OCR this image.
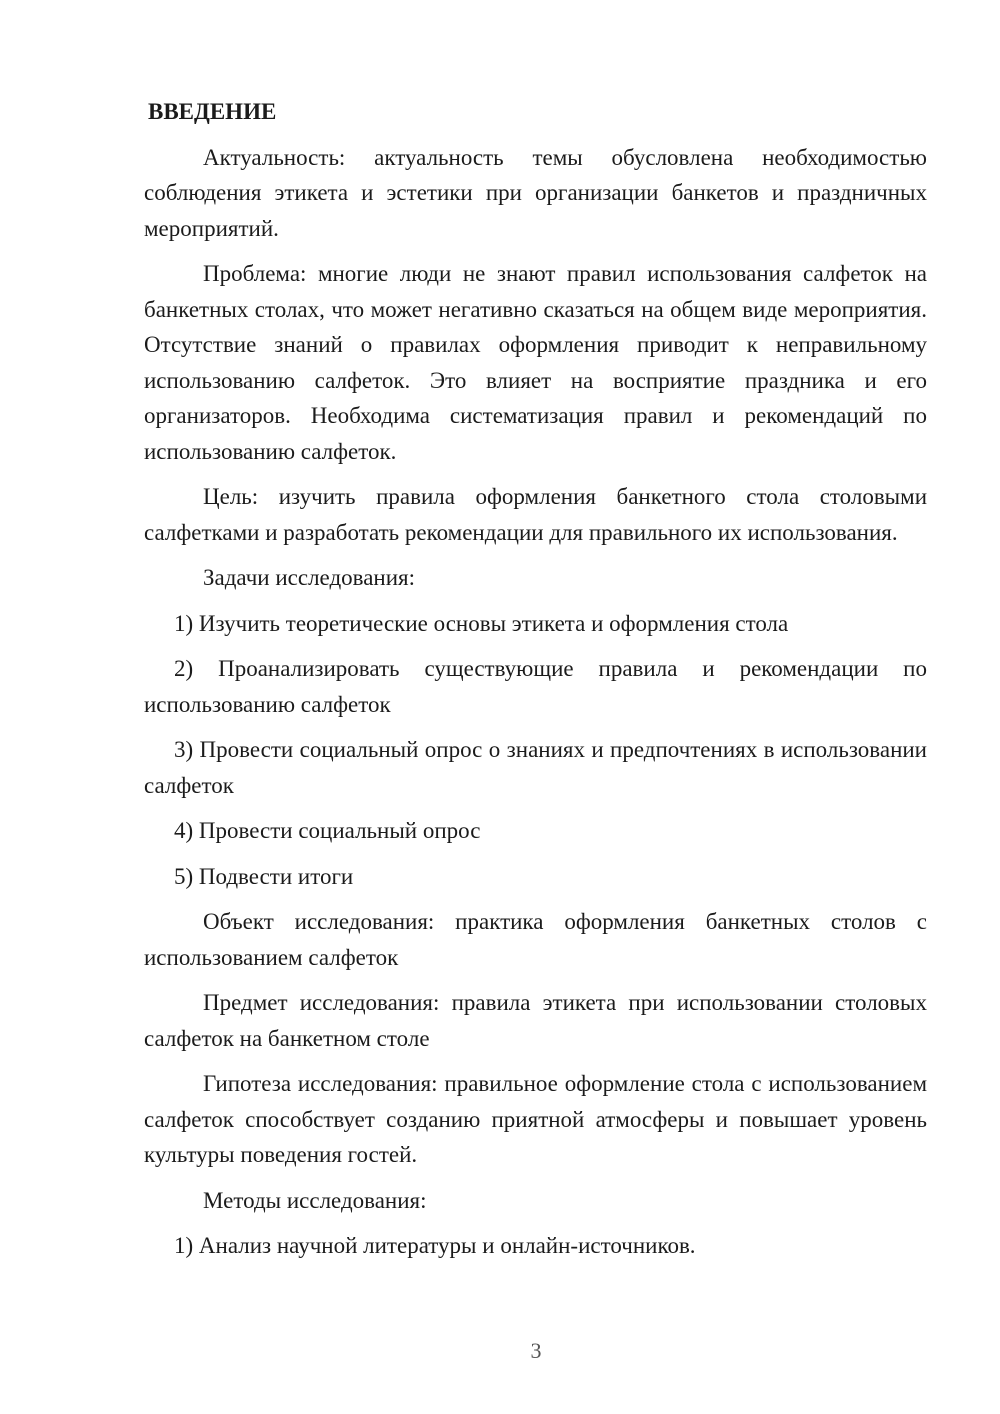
ВВЕДЕНИЕ

Актуальность: актуальность темы обусловлена необходимостью соблюдения этикета и эстетики при организации банкетов и праздничных мероприятий.

Проблема: многие люди не знают правил использования салфеток на банкетных столах, что может негативно сказаться на общем виде мероприятия. Отсутствие знаний о правилах оформления приводит к неправильному использованию салфеток. Это влияет на восприятие праздника и его организаторов. Необходима систематизация правил и рекомендаций по использованию салфеток.

Цель: изучить правила оформления банкетного стола столовыми салфетками и разработать рекомендации для правильного их использования.

Задачи исследования:

1) Изучить теоретические основы этикета и оформления стола

2) Проанализировать существующие правила и рекомендации по использованию салфеток

3) Провести социальный опрос о знаниях и предпочтениях в использовании салфеток

4) Провести социальный опрос

5) Подвести итоги

Объект исследования: практика оформления банкетных столов с использованием салфеток

Предмет исследования: правила этикета при использовании столовых салфеток на банкетном столе

Гипотеза исследования: правильное оформление стола с использованием салфеток способствует созданию приятной атмосферы и повышает уровень культуры поведения гостей.

Методы исследования:

1) Анализ научной литературы и онлайн-источников.

3
